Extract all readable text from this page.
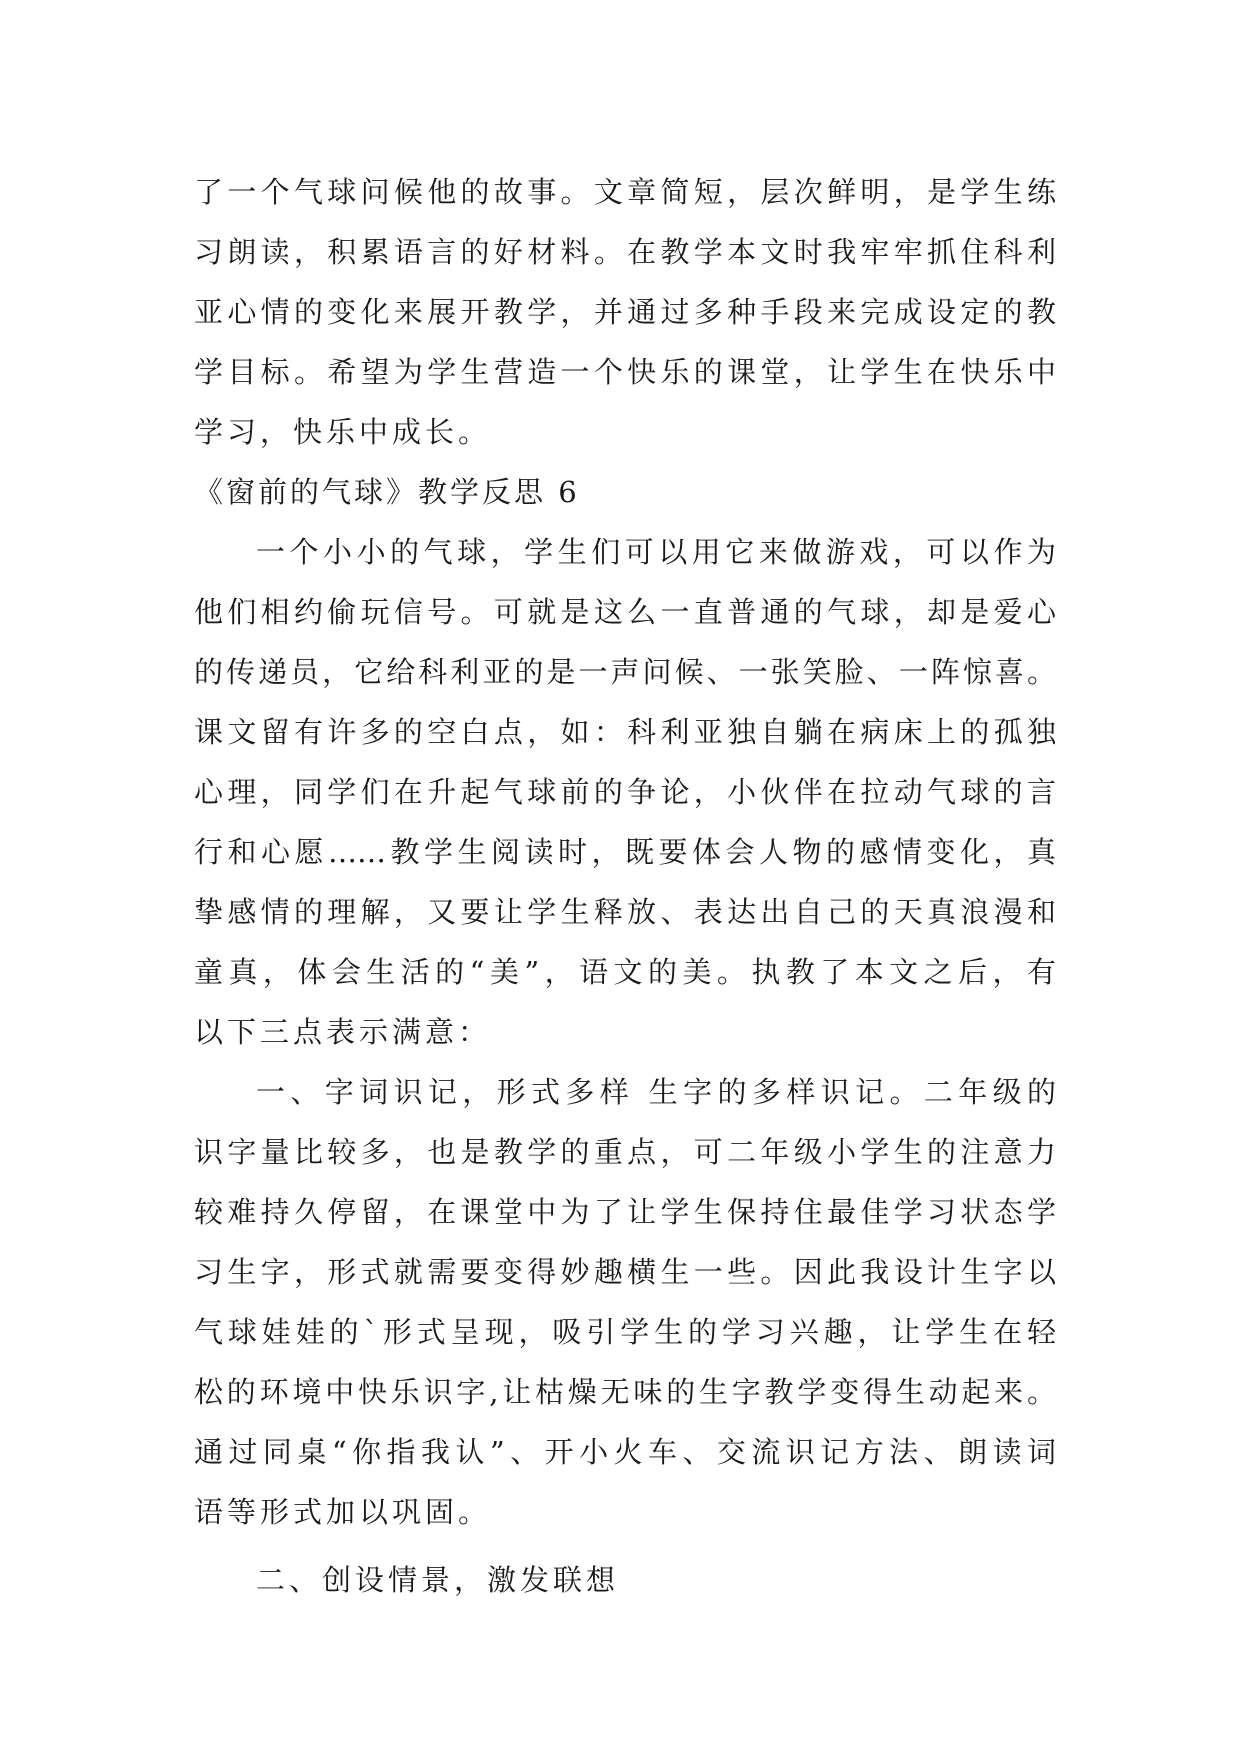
了一个气球问候他的故事。文章简短，层次鲜明，是学生练
习朗读，积累语言的好材料。在教学本文时我牢牢抓住科利
亚心情的变化来展开教学，并通过多种手段来完成设定的教
学目标。希望为学生营造一个快乐的课堂，让学生在快乐中
学习，快乐中成长。
《窗前的气球》教学反思 6
一个小小的气球，学生们可以用它来做游戏，可以作为
他们相约偷玩信号。可就是这么一直普通的气球，却是爱心
的传递员，它给科利亚的是一声问候、一张笑脸、一阵惊喜。
课文留有许多的空白点，如：科利亚独自躺在病床上的孤独
心理，同学们在升起气球前的争论，小伙伴在拉动气球的言
行和心愿……教学生阅读时，既要体会人物的感情变化，真
挚感情的理解，又要让学生释放、表达出自己的天真浪漫和
童真，体会生活的“美”，语文的美。执教了本文之后，有
以下三点表示满意：
一、字词识记，形式多样 生字的多样识记。二年级的
识字量比较多，也是教学的重点，可二年级小学生的注意力
较难持久停留，在课堂中为了让学生保持住最佳学习状态学
习生字，形式就需要变得妙趣横生一些。因此我设计生字以
气球娃娃的`形式呈现，吸引学生的学习兴趣，让学生在轻
松的环境中快乐识字,让枯燥无味的生字教学变得生动起来。
通过同桌“你指我认”、开小火车、交流识记方法、朗读词
语等形式加以巩固。
二、创设情景，激发联想
